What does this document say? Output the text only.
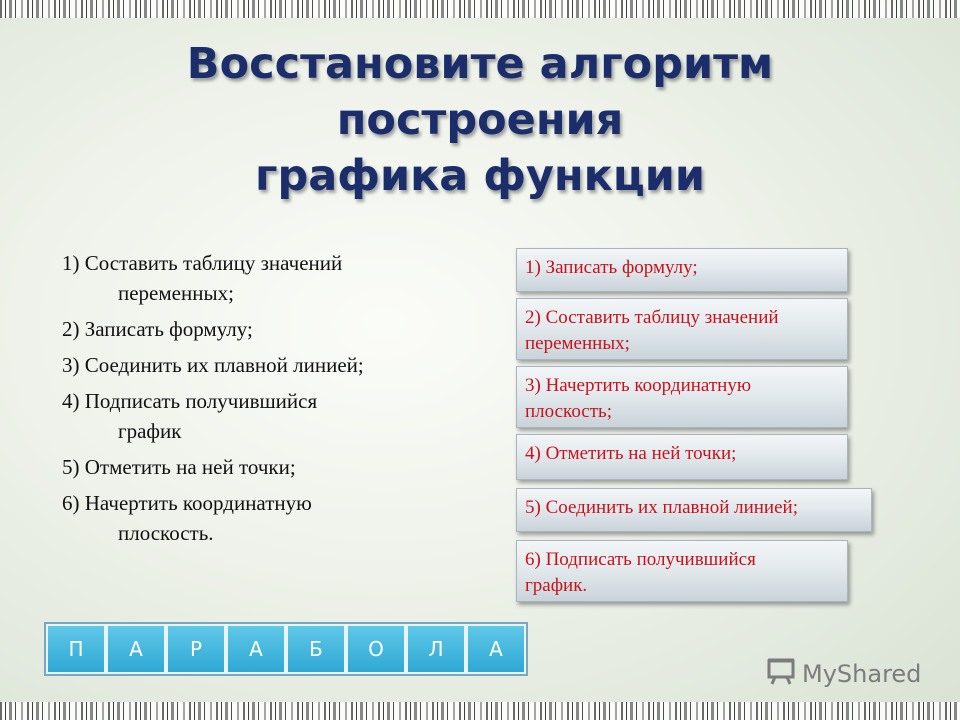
Восстановите алгоритм построения
графика функции
1) Составить таблицу значений
переменных;
2) Записать формулу;
3) Соединить их плавной линией;
4) Подписать получившийся
график
5) Отметить на ней точки;
6) Начертить координатную
плоскость.
1) Записать формулу;
2) Составить таблицу значений
переменных;
3) Начертить координатную
плоскость;
4) Отметить на ней точки;
5) Соединить их плавной линией;
6) Подписать получившийся
график.
П	А	Р	А	Б	О	Л	А
MyShared
